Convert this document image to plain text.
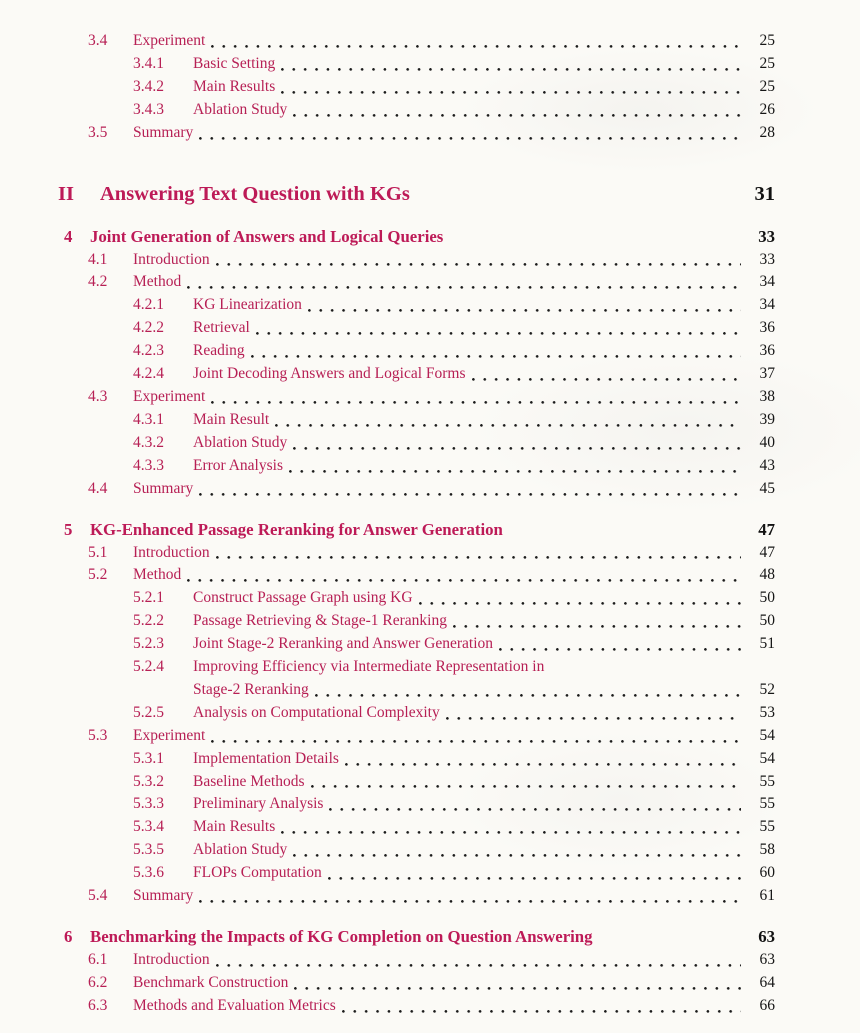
3.4	Experiment	25
3.4.1	Basic Setting	25
3.4.2	Main Results	25
3.4.3	Ablation Study	26
3.5	Summary	28
II	Answering Text Question with KGs	31
4	Joint Generation of Answers and Logical Queries	33
4.1	Introduction	33
4.2	Method	34
4.2.1	KG Linearization	34
4.2.2	Retrieval	36
4.2.3	Reading	36
4.2.4	Joint Decoding Answers and Logical Forms	37
4.3	Experiment	38
4.3.1	Main Result	39
4.3.2	Ablation Study	40
4.3.3	Error Analysis	43
4.4	Summary	45
5	KG-Enhanced Passage Reranking for Answer Generation	47
5.1	Introduction	47
5.2	Method	48
5.2.1	Construct Passage Graph using KG	50
5.2.2	Passage Retrieving & Stage-1 Reranking	50
5.2.3	Joint Stage-2 Reranking and Answer Generation	51
5.2.4	Improving Efficiency via Intermediate Representation in
Stage-2 Reranking	52
5.2.5	Analysis on Computational Complexity	53
5.3	Experiment	54
5.3.1	Implementation Details	54
5.3.2	Baseline Methods	55
5.3.3	Preliminary Analysis	55
5.3.4	Main Results	55
5.3.5	Ablation Study	58
5.3.6	FLOPs Computation	60
5.4	Summary	61
6	Benchmarking the Impacts of KG Completion on Question Answering	63
6.1	Introduction	63
6.2	Benchmark Construction	64
6.3	Methods and Evaluation Metrics	66
